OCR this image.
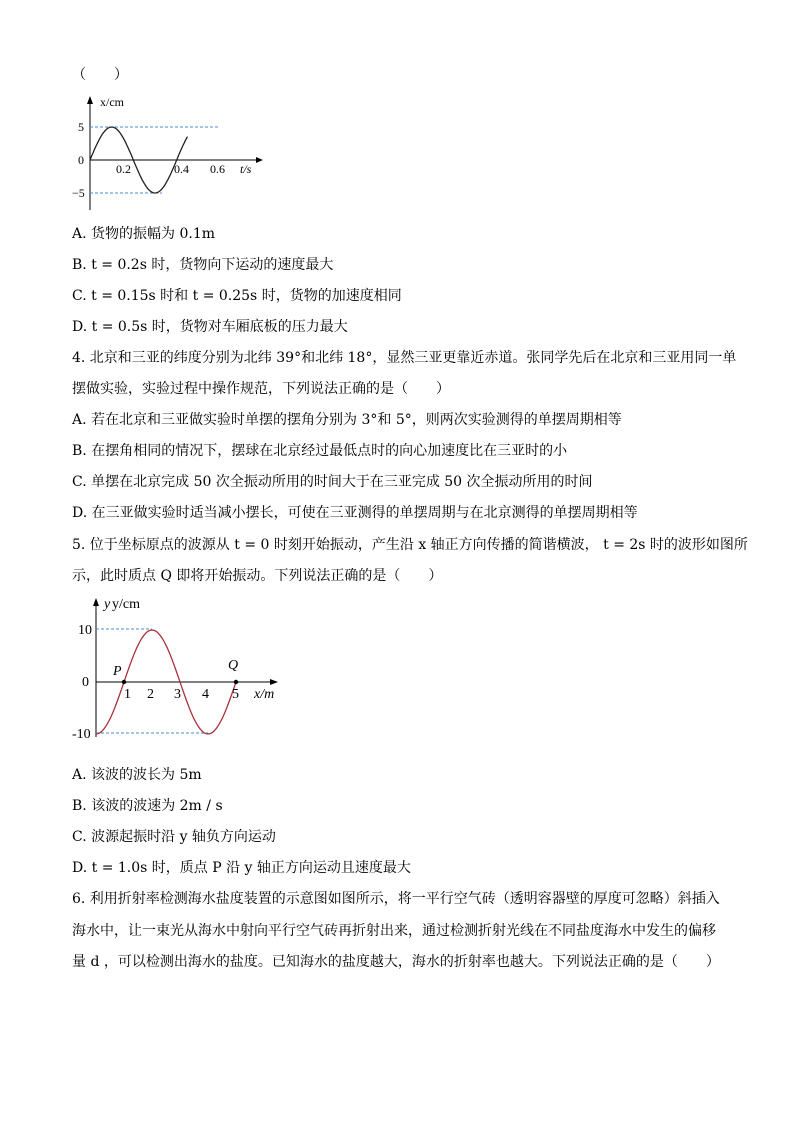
（　　）
x/cm
5
0
−5
0.2	0.4 0.6 t/s
A. 货物的振幅为 0.1m
B. t = 0.2s 时，货物向下运动的速度最大
C. t = 0.15s 时和 t = 0.25s 时，货物的加速度相同
D. t = 0.5s 时，货物对车厢底板的压力最大
4. 北京和三亚的纬度分别为北纬 39°和北纬 18°，显然三亚更靠近赤道。张同学先后在北京和三亚用同一单
摆做实验，实验过程中操作规范，下列说法正确的是（　　）
A. 若在北京和三亚做实验时单摆的摆角分别为 3°和 5°，则两次实验测得的单摆周期相等
B. 在摆角相同的情况下，摆球在北京经过最低点时的向心加速度比在三亚时的小
C. 单摆在北京完成 50 次全振动所用的时间大于在三亚完成 50 次全振动所用的时间
D. 在三亚做实验时适当减小摆长，可使在三亚测得的单摆周期与在北京测得的单摆周期相等
5. 位于坐标原点的波源从 t = 0 时刻开始振动，产生沿 x 轴正方向传播的简谐横波， t = 2s 时的波形如图所
示，此时质点 Q 即将开始振动。下列说法正确的是（　　）
y y/cm
10
0
-10
1 2 3 4 5 x/m
P	Q
A. 该波的波长为 5m
B. 该波的波速为 2m / s
C. 波源起振时沿 y 轴负方向运动
D. t = 1.0s 时，质点 P 沿 y 轴正方向运动且速度最大
6. 利用折射率检测海水盐度装置的示意图如图所示，将一平行空气砖（透明容器壁的厚度可忽略）斜插入
海水中，让一束光从海水中射向平行空气砖再折射出来，通过检测折射光线在不同盐度海水中发生的偏移
量 d ，可以检测出海水的盐度。已知海水的盐度越大，海水的折射率也越大。下列说法正确的是（　　）
